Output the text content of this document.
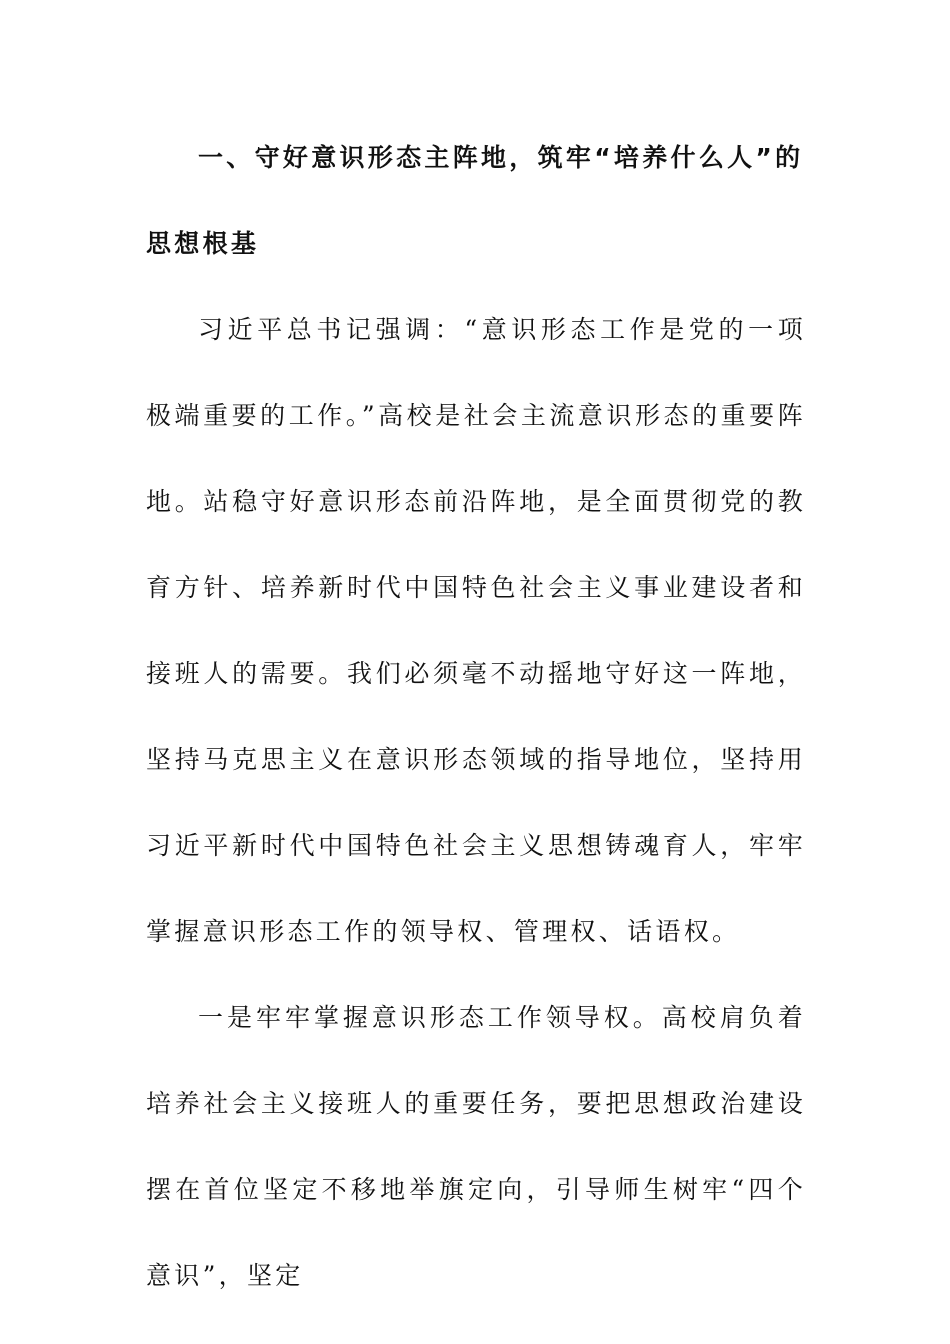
一、守好意识形态主阵地，筑牢“培养什么人”的思想根基

习近平总书记强调：“意识形态工作是党的一项极端重要的工作。”高校是社会主流意识形态的重要阵地。站稳守好意识形态前沿阵地，是全面贯彻党的教育方针、培养新时代中国特色社会主义事业建设者和接班人的需要。我们必须毫不动摇地守好这一阵地，坚持马克思主义在意识形态领域的指导地位，坚持用习近平新时代中国特色社会主义思想铸魂育人，牢牢掌握意识形态工作的领导权、管理权、话语权。

一是牢牢掌握意识形态工作领导权。高校肩负着培养社会主义接班人的重要任务，要把思想政治建设摆在首位坚定不移地举旗定向，引导师生树牢“四个意识”，坚定
